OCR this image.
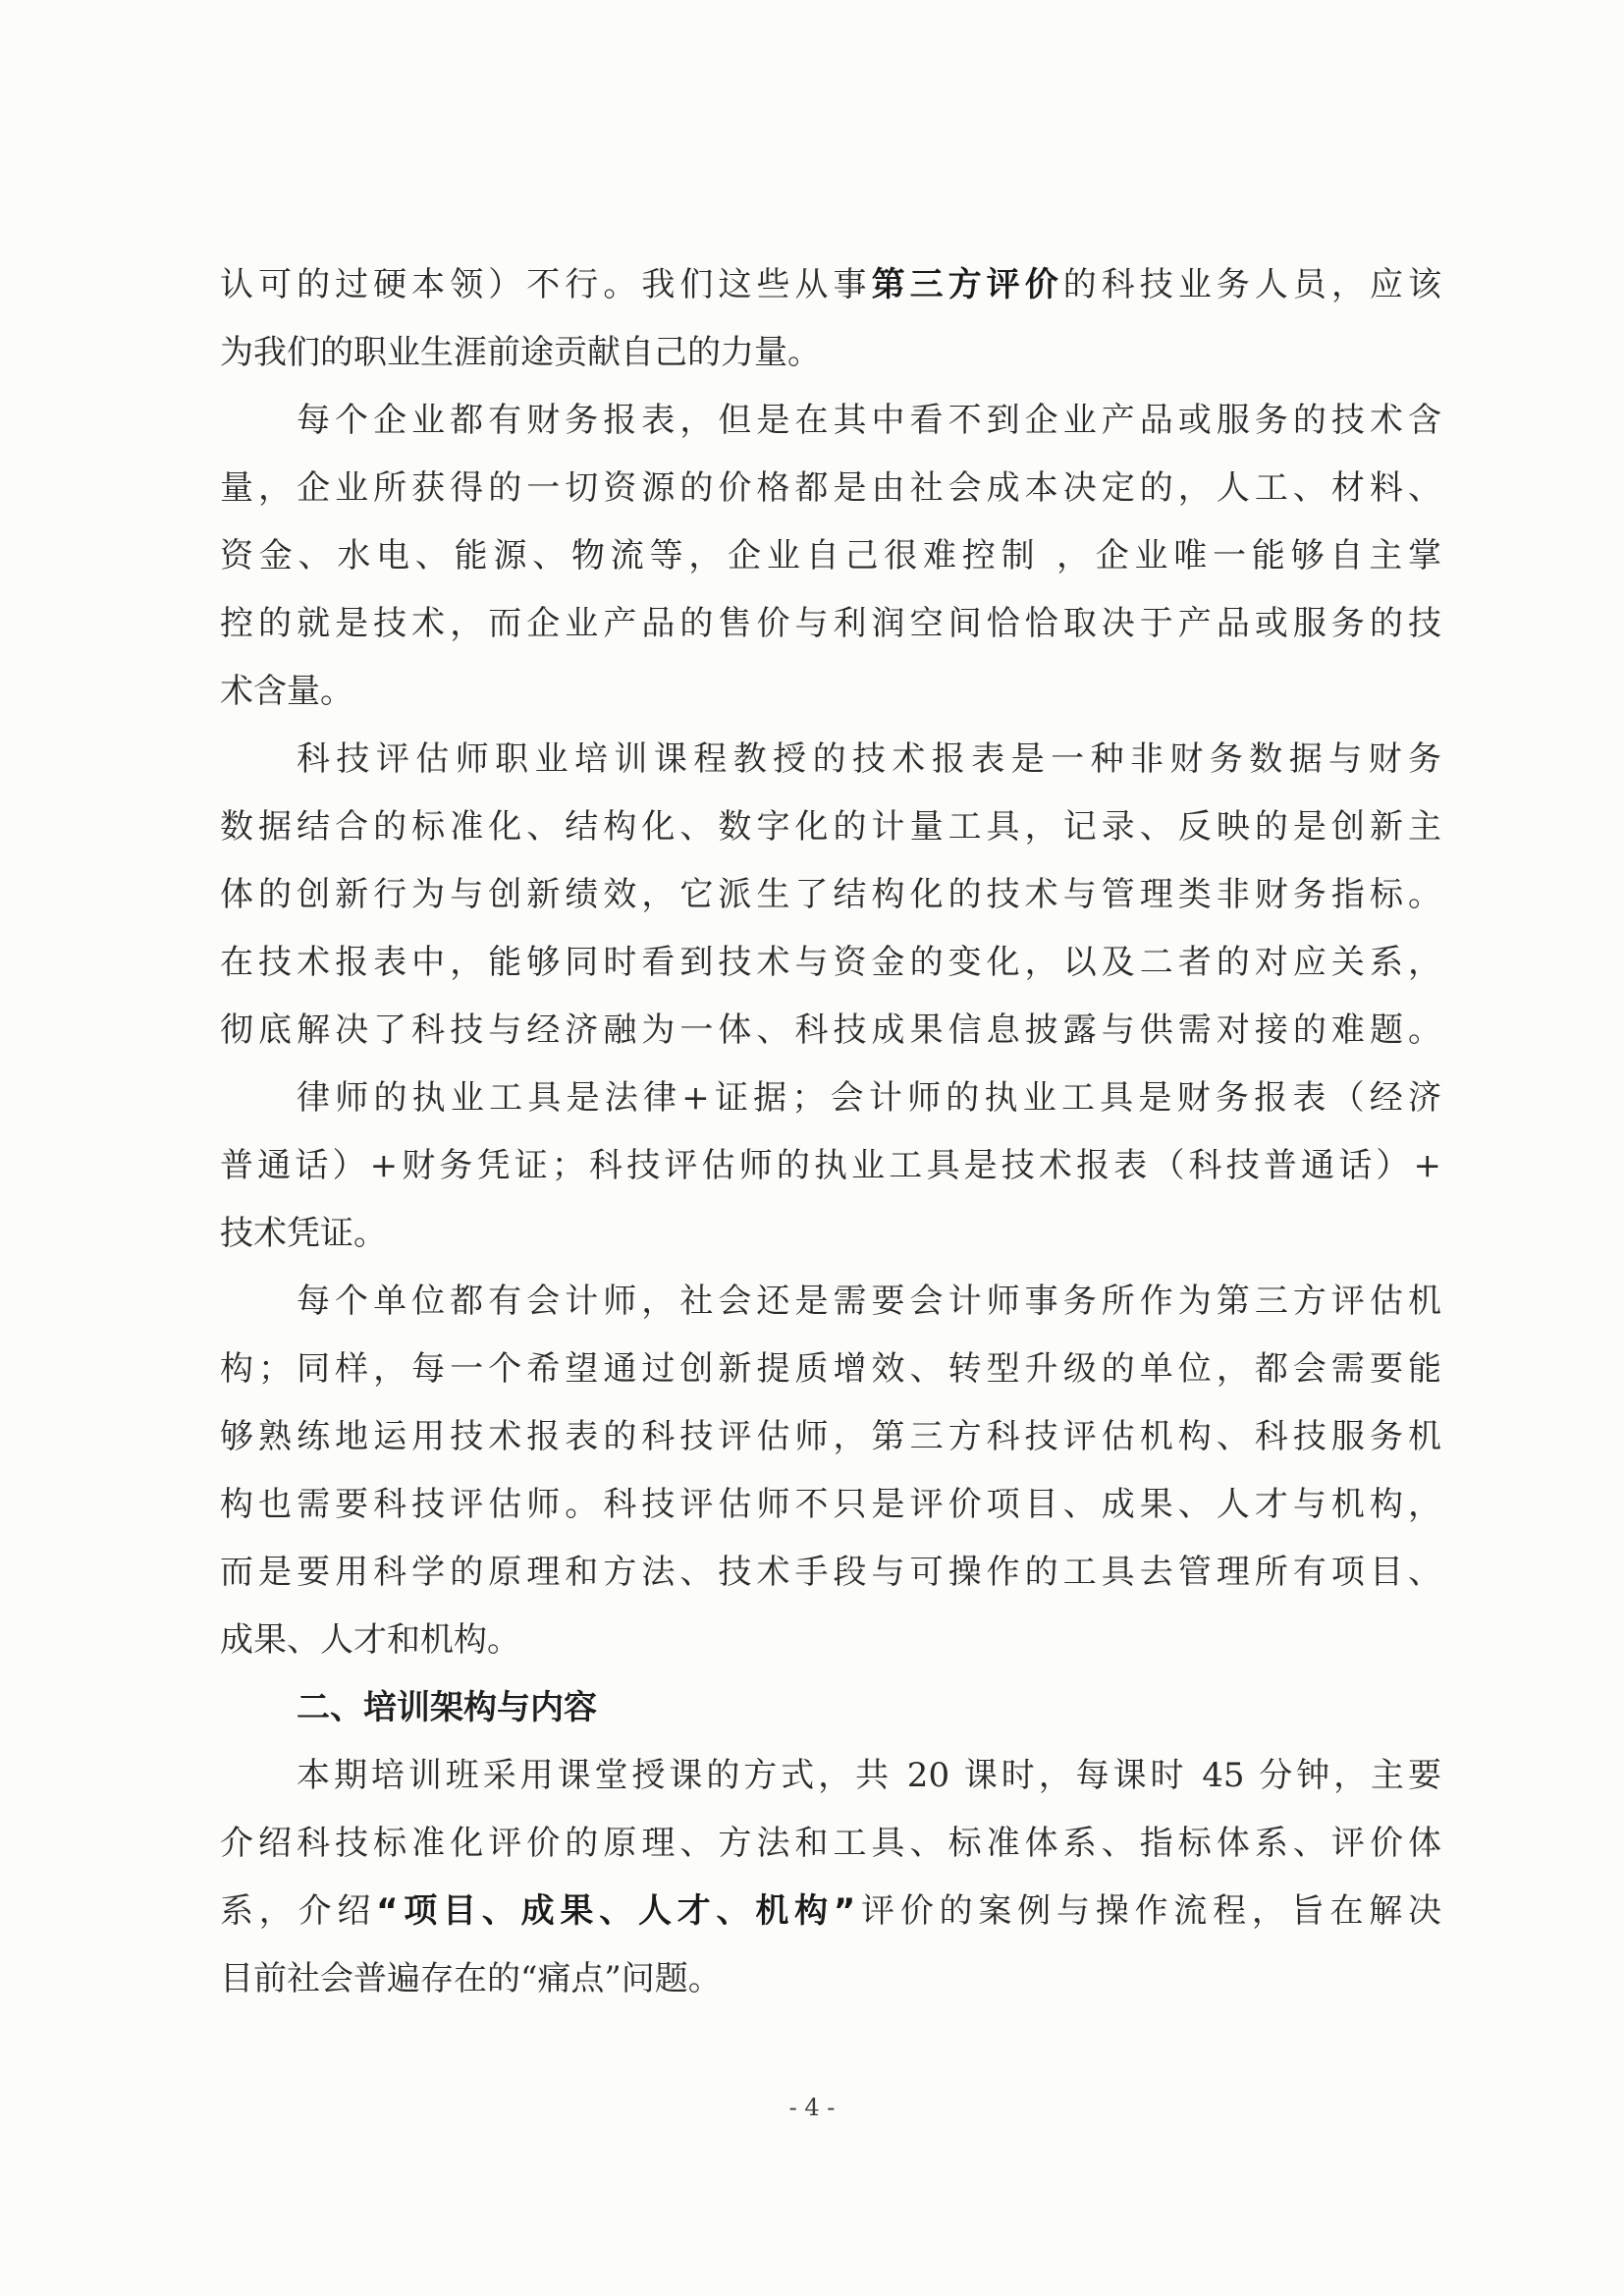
认可的过硬本领）不行。我们这些从事第三方评价的科技业务人员，应该
为我们的职业生涯前途贡献自己的力量。
每个企业都有财务报表，但是在其中看不到企业产品或服务的技术含
量，企业所获得的一切资源的价格都是由社会成本决定的，人工、材料、
资金、水电、能源、物流等，企业自己很难控制 ，企业唯一能够自主掌
控的就是技术，而企业产品的售价与利润空间恰恰取决于产品或服务的技
术含量。
科技评估师职业培训课程教授的技术报表是一种非财务数据与财务
数据结合的标准化、结构化、数字化的计量工具，记录、反映的是创新主
体的创新行为与创新绩效，它派生了结构化的技术与管理类非财务指标。
在技术报表中，能够同时看到技术与资金的变化，以及二者的对应关系，
彻底解决了科技与经济融为一体、科技成果信息披露与供需对接的难题。
律师的执业工具是法律+证据；会计师的执业工具是财务报表（经济
普通话）+财务凭证；科技评估师的执业工具是技术报表（科技普通话）+
技术凭证。
每个单位都有会计师，社会还是需要会计师事务所作为第三方评估机
构；同样，每一个希望通过创新提质增效、转型升级的单位，都会需要能
够熟练地运用技术报表的科技评估师，第三方科技评估机构、科技服务机
构也需要科技评估师。科技评估师不只是评价项目、成果、人才与机构，
而是要用科学的原理和方法、技术手段与可操作的工具去管理所有项目、
成果、人才和机构。
二、培训架构与内容
本期培训班采用课堂授课的方式，共 20 课时，每课时 45 分钟，主要
介绍科技标准化评价的原理、方法和工具、标准体系、指标体系、评价体
系，介绍“项目、成果、人才、机构”评价的案例与操作流程，旨在解决
目前社会普遍存在的“痛点”问题。
- 4 -
